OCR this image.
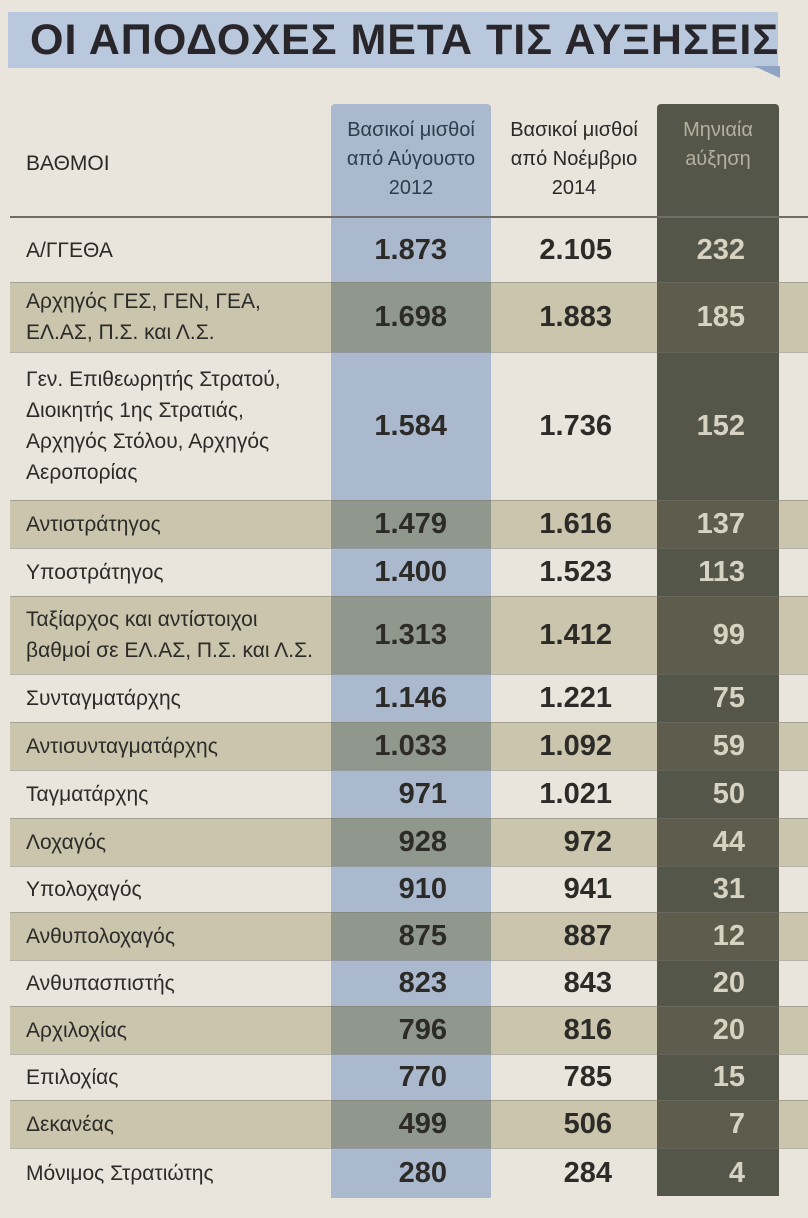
ΟΙ ΑΠΟΔΟΧΕΣ ΜΕΤΑ ΤΙΣ ΑΥΞΗΣΕΙΣ
ΒΑΘΜΟΙ
Βασικοί μισθοί
από Αύγουστο
2012
Βασικοί μισθοί
από Νοέμβριο
2014
Μηνιαία
aύξηση
Α/ΓΓΕΘΑ	1.873	2.105	232
Αρχηγός ΓΕΣ, ΓΕΝ, ΓΕΑ,
ΕΛ.ΑΣ, Π.Σ. και Λ.Σ.	1.698	1.883	185
Γεν. Επιθεωρητής Στρατού,
Διοικητής 1ης Στρατιάς,
Αρχηγός Στόλου, Αρχηγός
Αεροπορίας
1.584	1.736	152
Αντιστράτηγος	1.479	1.616	137
Υποστράτηγος	1.400	1.523	113
Ταξίαρχος και αντίστοιχοι
βαθμοί σε ΕΛ.ΑΣ, Π.Σ. και Λ.Σ. 1.313	1.412	99
Συνταγματάρχης	1.146	1.221	75
Αντισυνταγματάρχης	1.033	1.092	59
Ταγματάρχης	971	1.021	50
Λοχαγός	928	972	44
Υπολοχαγός	910	941	31
Ανθυπολοχαγός	875	887	12
Ανθυπασπιστής	823	843	20
Αρχιλοχίας	796	816	20
Επιλοχίας	770	785	15
Δεκανέας	499	506	7
Μόνιμος Στρατιώτης	280	284	4
